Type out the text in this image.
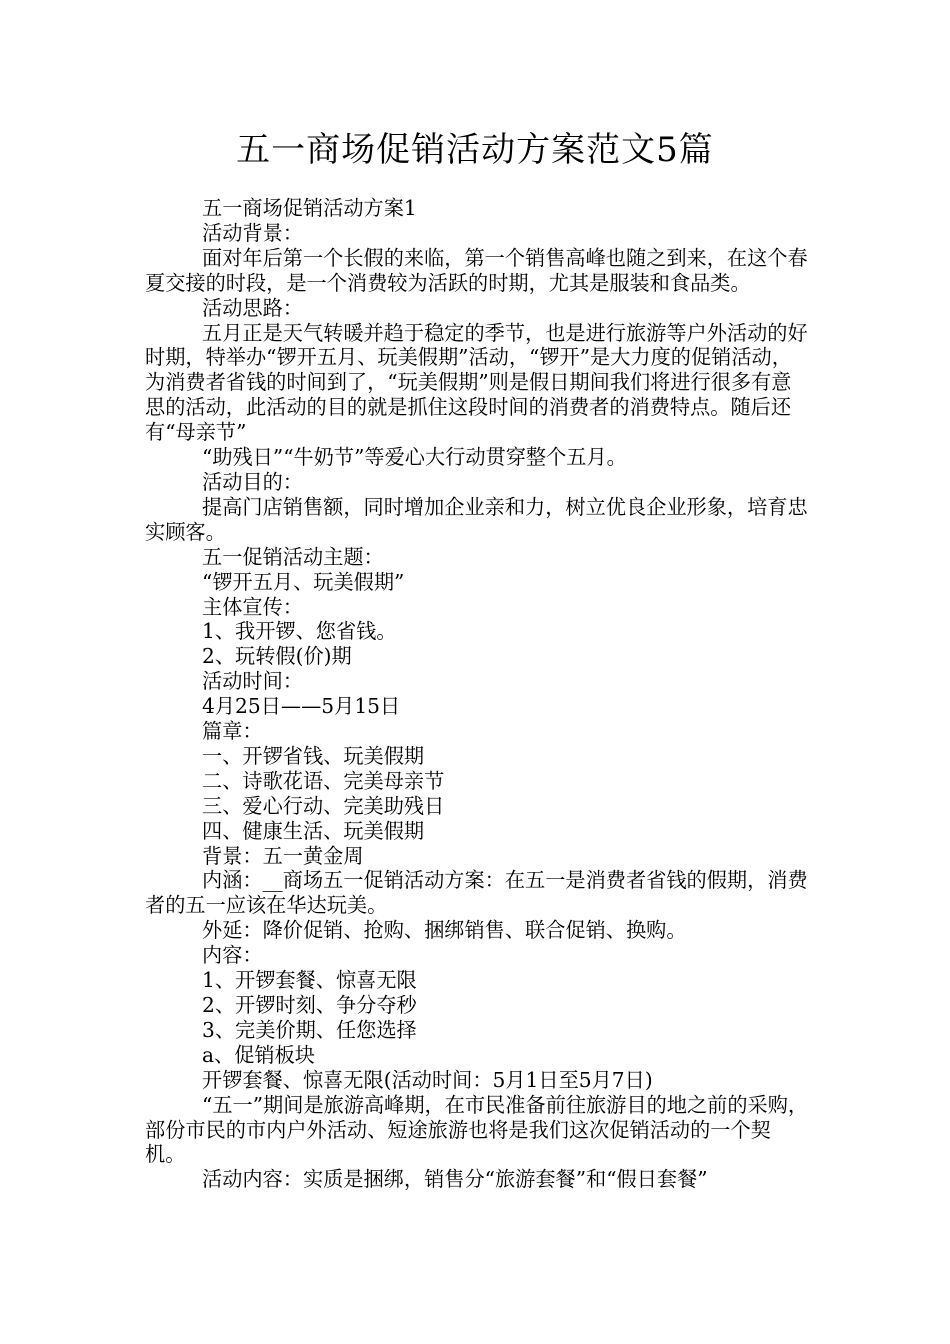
五一商场促销活动方案范文5篇

五一商场促销活动方案1

活动背景：

面对年后第一个长假的来临，第一个销售高峰也随之到来，在这个春夏交接的时段，是一个消费较为活跃的时期，尤其是服装和食品类。

活动思路：

五月正是天气转暖并趋于稳定的季节，也是进行旅游等户外活动的好时期，特举办“锣开五月、玩美假期”活动，“锣开”是大力度的促销活动，为消费者省钱的时间到了，“玩美假期”则是假日期间我们将进行很多有意思的活动，此活动的目的就是抓住这段时间的消费者的消费特点。随后还有“母亲节”

“助残日”“牛奶节”等爱心大行动贯穿整个五月。

活动目的：

提高门店销售额，同时增加企业亲和力，树立优良企业形象，培育忠实顾客。

五一促销活动主题：

“锣开五月、玩美假期”

主体宣传：

1、我开锣、您省钱。

2、玩转假(价)期

活动时间：

4月25日——5月15日

篇章：

一、开锣省钱、玩美假期

二、诗歌花语、完美母亲节

三、爱心行动、完美助残日

四、健康生活、玩美假期

背景：五一黄金周

内涵：__商场五一促销活动方案：在五一是消费者省钱的假期，消费者的五一应该在华达玩美。

外延：降价促销、抢购、捆绑销售、联合促销、换购。

内容：

1、开锣套餐、惊喜无限

2、开锣时刻、争分夺秒

3、完美价期、任您选择

a、促销板块

开锣套餐、惊喜无限(活动时间：5月1日至5月7日)

“五一”期间是旅游高峰期，在市民准备前往旅游目的地之前的采购，部份市民的市内户外活动、短途旅游也将是我们这次促销活动的一个契机。

活动内容：实质是捆绑，销售分“旅游套餐”和“假日套餐”
